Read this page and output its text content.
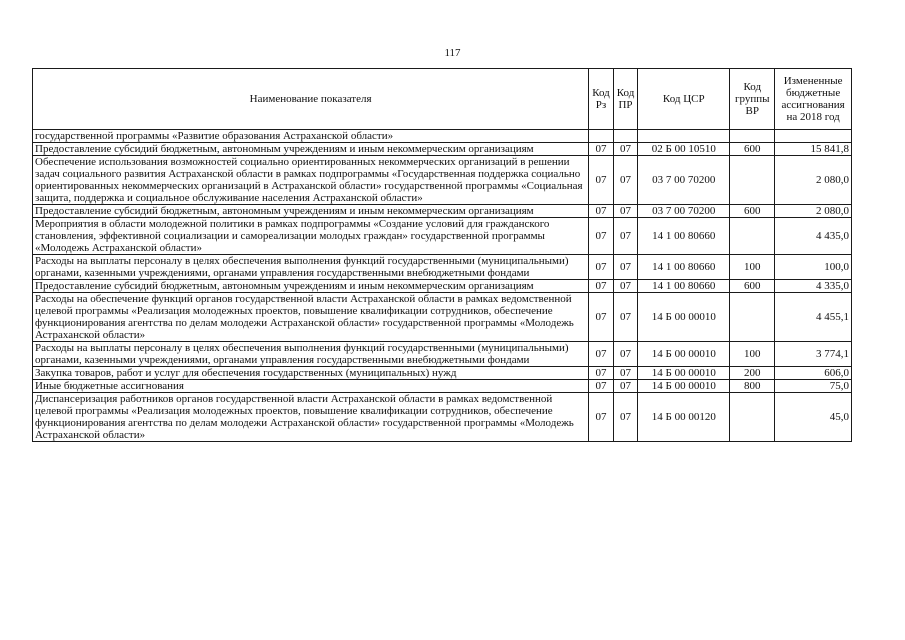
117
Наименование показателя	Код Рз	Код ПР	Код ЦСР	Код группы ВР	Измененные бюджетные ассигнования на 2018 год
государственной программы «Развитие образования Астраханской области»					
Предоставление субсидий бюджетным, автономным учреждениям и иным некоммерческим организациям	07	07	02 Б 00 10510	600	15 841,8
Обеспечение использования возможностей социально ориентированных некоммерческих организаций в решении задач социального развития Астраханской области в рамках подпрограммы «Государственная поддержка социально ориентированных некоммерческих организаций в Астраханской области» государственной программы «Социальная защита, поддержка и социальное обслуживание населения Астраханской области»	07	07	03 7 00 70200		2 080,0
Предоставление субсидий бюджетным, автономным учреждениям и иным некоммерческим организациям	07	07	03 7 00 70200	600	2 080,0
Мероприятия в области молодежной политики в рамках подпрограммы «Создание условий для гражданского становления, эффективной социализации и самореализации молодых граждан» государственной программы «Молодежь Астраханской области»	07	07	14 1 00 80660		4 435,0
Расходы на выплаты персоналу в целях обеспечения выполнения функций государственными (муниципальными) органами, казенными учреждениями, органами управления государственными внебюджетными фондами	07	07	14 1 00 80660	100	100,0
Предоставление субсидий бюджетным, автономным учреждениям и иным некоммерческим организациям	07	07	14 1 00 80660	600	4 335,0
Расходы на обеспечение функций органов государственной власти Астраханской области в рамках ведомственной целевой программы «Реализация молодежных проектов, повышение квалификации сотрудников, обеспечение функционирования агентства по делам молодежи Астраханской области» государственной программы «Молодежь Астраханской области»	07	07	14 Б 00 00010		4 455,1
Расходы на выплаты персоналу в целях обеспечения выполнения функций государственными (муниципальными) органами, казенными учреждениями, органами управления государственными внебюджетными фондами	07	07	14 Б 00 00010	100	3 774,1
Закупка товаров, работ и услуг для обеспечения государственных (муниципальных) нужд	07	07	14 Б 00 00010	200	606,0
Иные бюджетные ассигнования	07	07	14 Б 00 00010	800	75,0
Диспансеризация работников органов государственной власти Астраханской области в рамках ведомственной целевой программы «Реализация молодежных проектов, повышение квалификации сотрудников, обеспечение функционирования агентства по делам молодежи Астраханской области» государственной программы «Молодежь Астраханской области»	07	07	14 Б 00 00120		45,0
